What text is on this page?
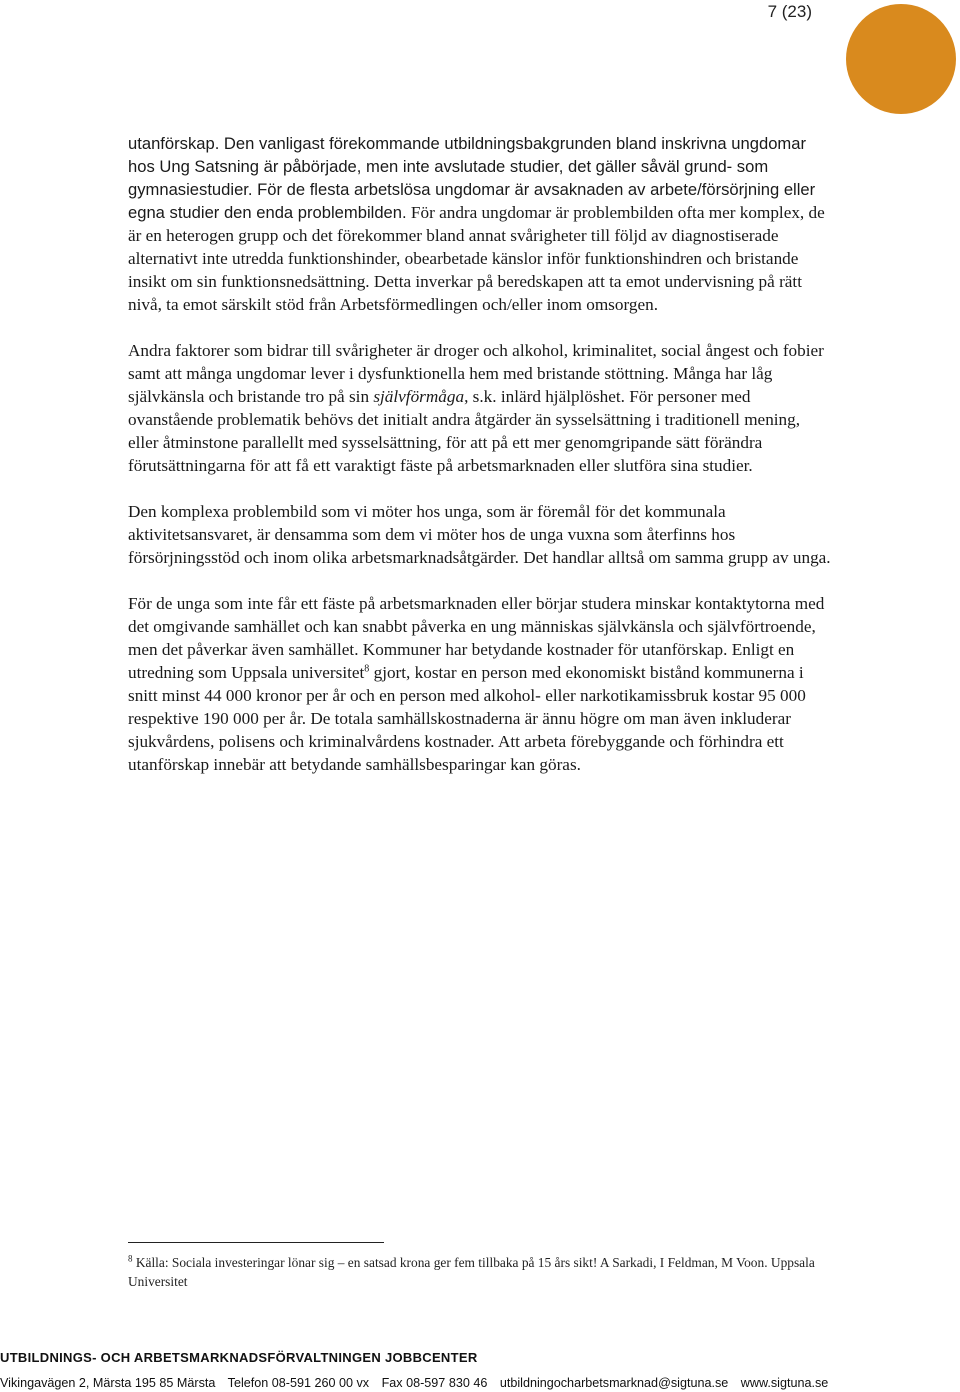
7 (23)

utanförskap. Den vanligast förekommande utbildningsbakgrunden bland inskrivna ungdomar hos Ung Satsning är påbörjade, men inte avslutade studier, det gäller såväl grund- som gymnasiestudier. För de flesta arbetslösa ungdomar är avsaknaden av arbete/försörjning eller egna studier den enda problembilden. För andra ungdomar är problembilden ofta mer komplex, de är en heterogen grupp och det förekommer bland annat svårigheter till följd av diagnostiserade alternativt inte utredda funktionshinder, obearbetade känslor inför funktionshindren och bristande insikt om sin funktionsnedsättning. Detta inverkar på beredskapen att ta emot undervisning på rätt nivå, ta emot särskilt stöd från Arbetsförmedlingen och/eller inom omsorgen.

Andra faktorer som bidrar till svårigheter är droger och alkohol, kriminalitet, social ångest och fobier samt att många ungdomar lever i dysfunktionella hem med bristande stöttning. Många har låg självkänsla och bristande tro på sin självförmåga, s.k. inlärd hjälplöshet. För personer med ovanstående problematik behövs det initialt andra åtgärder än sysselsättning i traditionell mening, eller åtminstone parallellt med sysselsättning, för att på ett mer genomgripande sätt förändra förutsättningarna för att få ett varaktigt fäste på arbetsmarknaden eller slutföra sina studier.

Den komplexa problembild som vi möter hos unga, som är föremål för det kommunala aktivitetsansvaret, är densamma som dem vi möter hos de unga vuxna som återfinns hos försörjningsstöd och inom olika arbetsmarknadsåtgärder. Det handlar alltså om samma grupp av unga.

För de unga som inte får ett fäste på arbetsmarknaden eller börjar studera minskar kontaktytorna med det omgivande samhället och kan snabbt påverka en ung människas självkänsla och självförtroende, men det påverkar även samhället. Kommuner har betydande kostnader för utanförskap. Enligt en utredning som Uppsala universitet$^8$ gjort, kostar en person med ekonomiskt bistånd kommunerna i snitt minst 44 000 kronor per år och en person med alkohol- eller narkotikamissbruk kostar 95 000 respektive 190 000 per år. De totala samhällskostnaderna är ännu högre om man även inkluderar sjukvårdens, polisens och kriminalvårdens kostnader. Att arbeta förebyggande och förhindra ett utanförskap innebär att betydande samhällsbesparingar kan göras.

$^8$ Källa: Sociala investeringar lönar sig – en satsad krona ger fem tillbaka på 15 års sikt! A Sarkadi, I Feldman, M Voon. Uppsala Universitet
UTBILDNINGS- OCH ARBETSMARKNADSFÖRVALTNINGEN JOBBCENTER
Vikingavägen 2, Märsta 195 85 Märsta Telefon 08-591 260 00 vx Fax 08-597 830 46 utbildningocharbetsmarknad@sigtuna.se www.sigtuna.se
